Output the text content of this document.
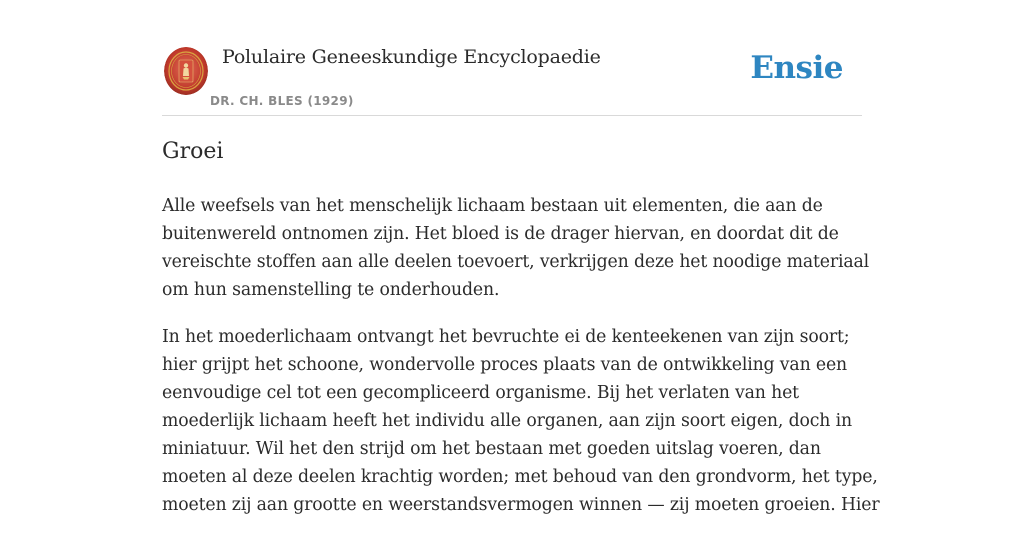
Polulaire Geneeskundige Encyclopaedie
DR. CH. BLES (1929)
Ensie
Groei

Alle weefsels van het menschelijk lichaam bestaan uit elementen, die aan de buitenwereld ontnomen zijn. Het bloed is de drager hiervan, en doordat dit de vereischte stoffen aan alle deelen toevoert, verkrijgen deze het noodige materiaal om hun samenstelling te onderhouden.

In het moederlichaam ontvangt het bevruchte ei de kenteekenen van zijn soort; hier grijpt het schoone, wondervolle proces plaats van de ontwikkeling van een eenvoudige cel tot een gecompliceerd organisme. Bij het verlaten van het moederlijk lichaam heeft het individu alle organen, aan zijn soort eigen, doch in miniatuur. Wil het den strijd om het bestaan met goeden uitslag voeren, dan moeten al deze deelen krachtig worden; met behoud van den grondvorm, het type, moeten zij aan grootte en weerstandsvermogen winnen — zij moeten groeien. Hier
